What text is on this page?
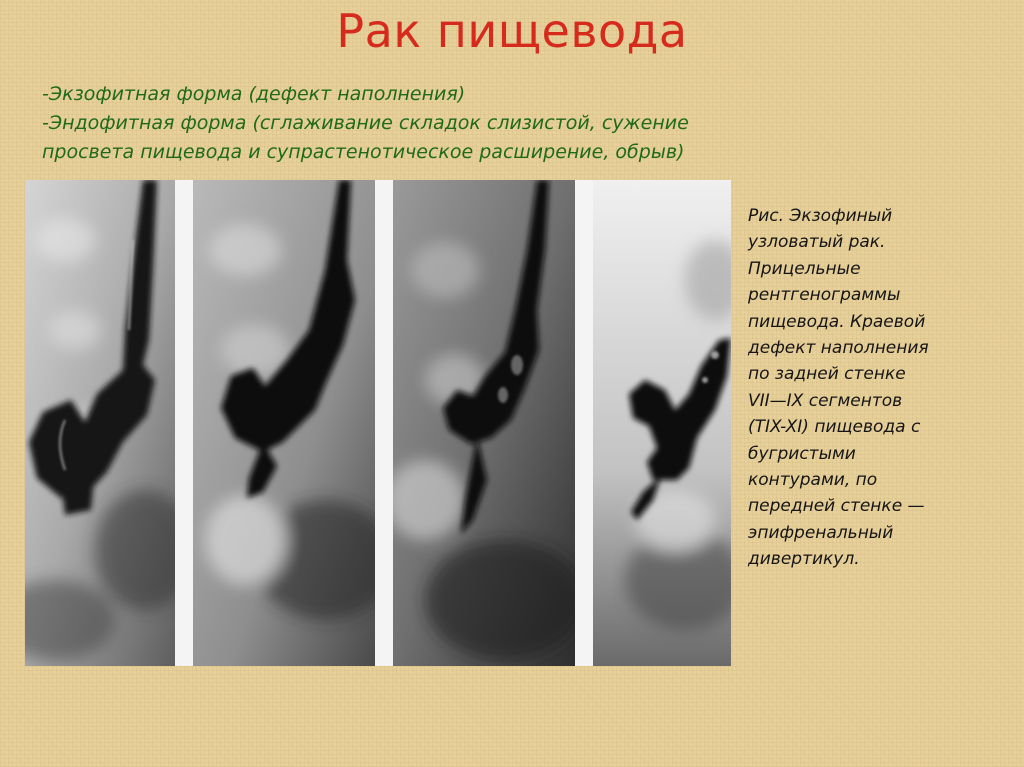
Рак пищевода
-Экзофитная форма (дефект наполнения)
-Эндофитная форма (сглаживание складок слизистой, сужение
просвета пищевода и супрастенотическое расширение, обрыв)
Рис. Экзофиный
узловатый рак.
Прицельные
рентгенограммы
пищевода. Краевой
дефект наполнения
по задней стенке
VII—IX сегментов
(TIX-XI) пищевода с
бугристыми
контурами, по
передней стенке —
эпифренальный
дивертикул.
